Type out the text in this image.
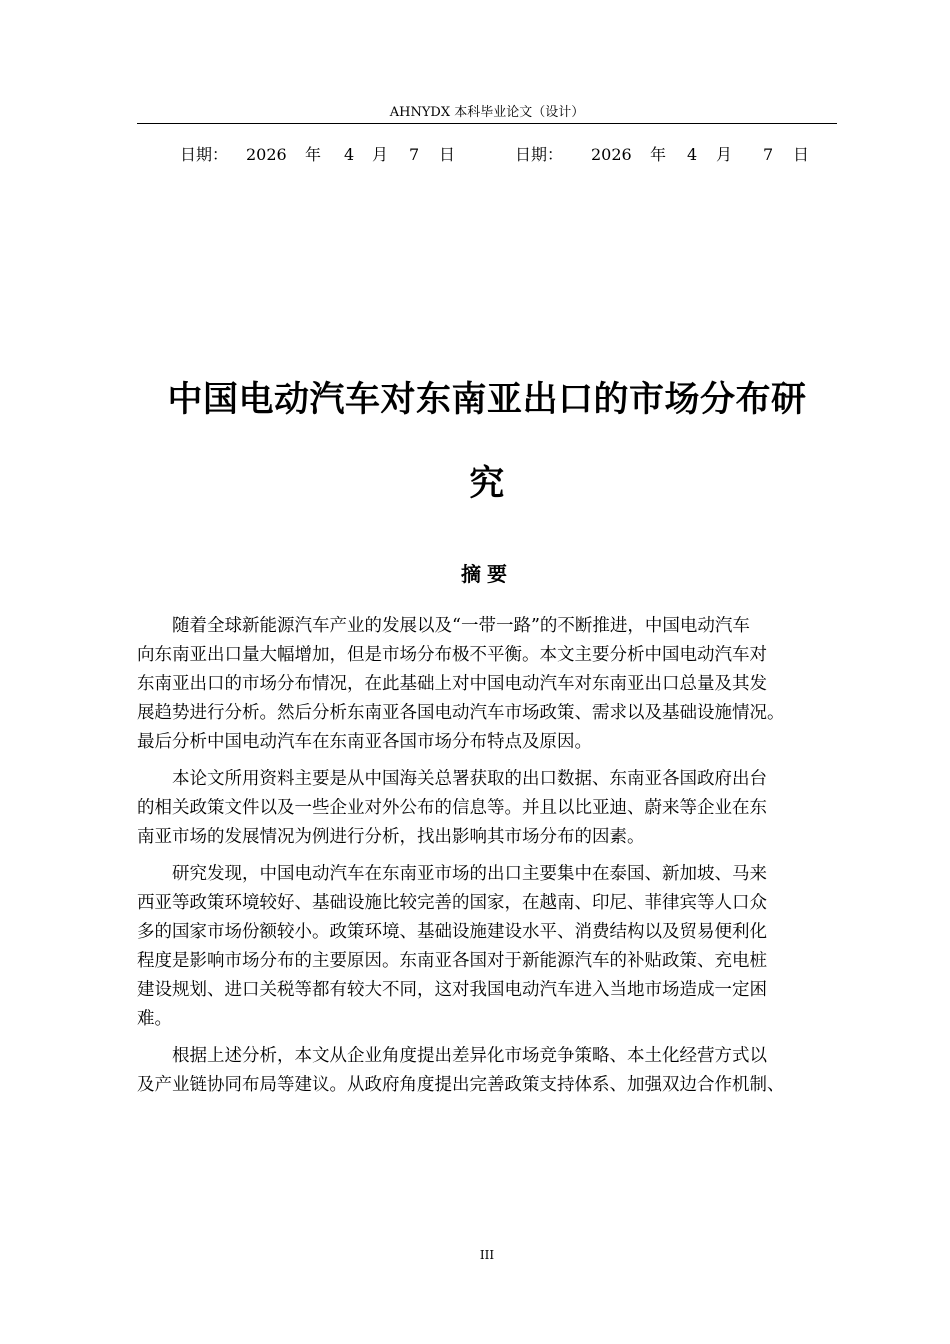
AHNYDX 本科毕业论文（设计）

日期：

2026

年

4

月

7

日

	日期：

2026

年

4

月

7

日

中国电动汽车对东南亚出口的市场分布研
究
摘要
随着全球新能源汽车产业的发展以及“一带一路”的不断推进，中国电动汽车
向东南亚出口量大幅增加，但是市场分布极不平衡。本文主要分析中国电动汽车对
东南亚出口的市场分布情况，在此基础上对中国电动汽车对东南亚出口总量及其发
展趋势进行分析。然后分析东南亚各国电动汽车市场政策、需求以及基础设施情况。
最后分析中国电动汽车在东南亚各国市场分布特点及原因。
本论文所用资料主要是从中国海关总署获取的出口数据、东南亚各国政府出台
的相关政策文件以及一些企业对外公布的信息等。并且以比亚迪、蔚来等企业在东
南亚市场的发展情况为例进行分析，找出影响其市场分布的因素。
研究发现，中国电动汽车在东南亚市场的出口主要集中在泰国、新加坡、马来
西亚等政策环境较好、基础设施比较完善的国家，在越南、印尼、菲律宾等人口众
多的国家市场份额较小。政策环境、基础设施建设水平、消费结构以及贸易便利化
程度是影响市场分布的主要原因。东南亚各国对于新能源汽车的补贴政策、充电桩
建设规划、进口关税等都有较大不同，这对我国电动汽车进入当地市场造成一定困
难。
根据上述分析，本文从企业角度提出差异化市场竞争策略、本土化经营方式以
及产业链协同布局等建议。从政府角度提出完善政策支持体系、加强双边合作机制、
III
